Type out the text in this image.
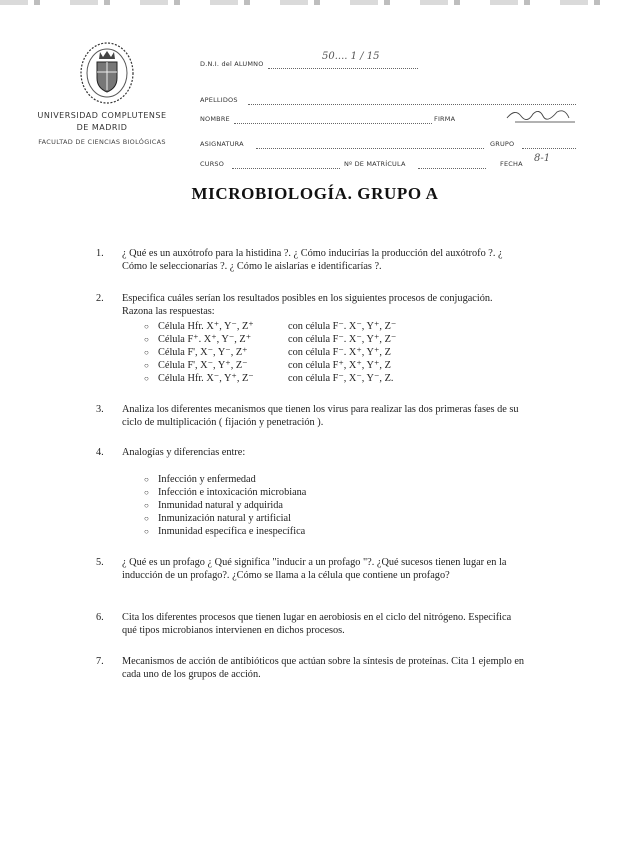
UNIVERSIDAD COMPLUTENSE
DE MADRID
FACULTAD DE CIENCIAS BIOLÓGICAS
D.N.I. del ALUMNO
50.... 1 / 15
APELLIDOS
NOMBRE	FIRMA
ASIGNATURA	GRUPO
CURSO	Nº DE MATRÍCULA	FECHA 8-1
MICROBIOLOGÍA. GRUPO A
1.	¿ Qué es un auxótrofo para la histidina ?. ¿ Cómo inducirías la producción del auxótrofo ?. ¿ Cómo le seleccionarías ?. ¿ Cómo le aislarías e identificarías ?.
2.	Especifica cuáles serían los resultados posibles en los siguientes procesos de conjugación. Razona las respuestas:
○ Célula Hfr. X⁺, Y⁻, Z⁺	con célula F⁻. X⁻, Y⁺, Z⁻
○ Célula F⁺. X⁺, Y⁻, Z⁺	con célula F⁻. X⁻, Y⁺, Z⁻
○ Célula F', X⁻, Y⁻, Z⁺	con célula F⁻. X⁺, Y⁺, Z
○ Célula F', X⁻, Y⁺, Z⁻	con célula F⁺, X⁺, Y⁺, Z
○ Célula Hfr. X⁻, Y⁺, Z⁻	con célula F⁻, X⁻, Y⁻, Z.
3.	Analiza los diferentes mecanismos que tienen los virus para realizar las dos primeras fases de su ciclo de multiplicación ( fijación y penetración ).
4.	Analogías y diferencias entre:
○ Infección y enfermedad
○ Infección e intoxicación microbiana
○ Inmunidad natural y adquirida
○ Inmunización natural y artificial
○ Inmunidad específica e inespecífica
5.	¿ Qué es un profago ¿ Qué significa "inducir a un profago "?. ¿Qué sucesos tienen lugar en la inducción de un profago?. ¿Cómo se llama a la célula que contiene un profago?
6.	Cita los diferentes procesos que tienen lugar en aerobiosis en el ciclo del nitrógeno. Especifica qué tipos microbianos intervienen en dichos procesos.
7.	Mecanismos de acción de antibióticos que actúan sobre la síntesis de proteínas. Cita 1 ejemplo en cada uno de los grupos de acción.
